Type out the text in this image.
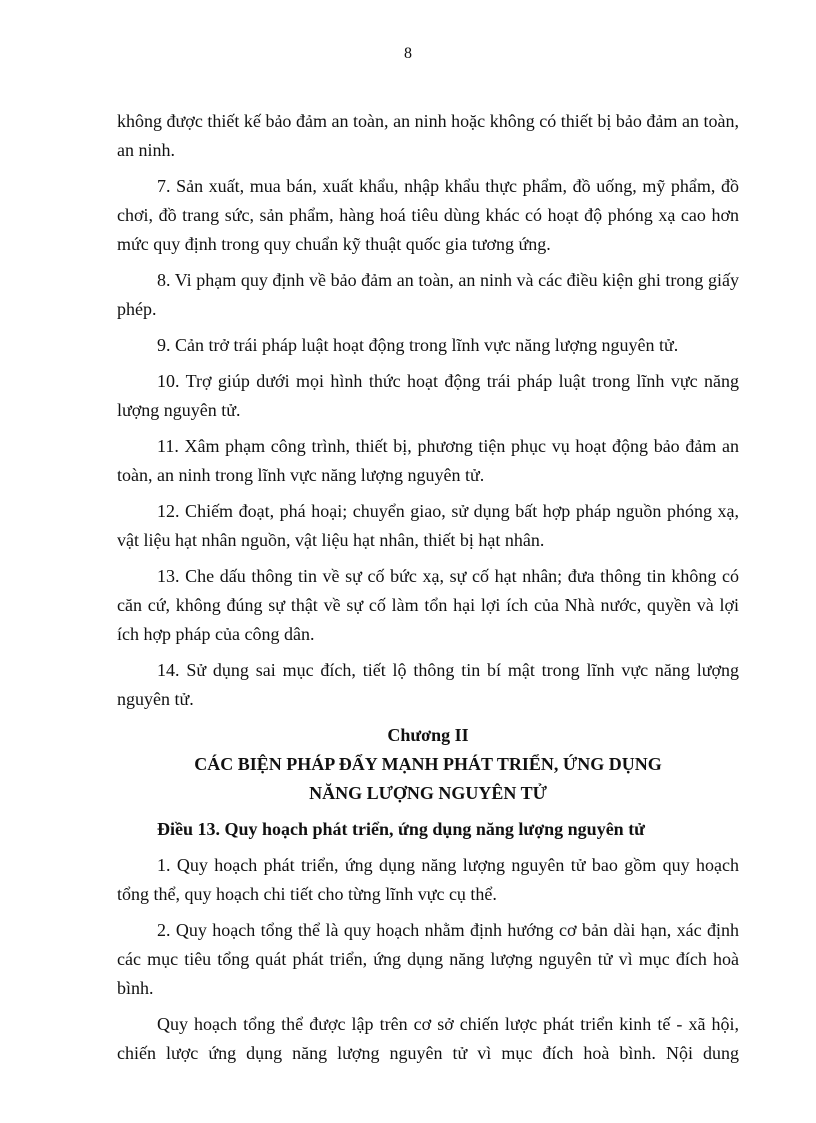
8

không được thiết kế bảo đảm an toàn, an ninh hoặc không có thiết bị bảo đảm an toàn, an ninh.

7. Sản xuất, mua bán, xuất khẩu, nhập khẩu thực phẩm, đồ uống, mỹ phẩm, đồ chơi, đồ trang sức, sản phẩm, hàng hoá tiêu dùng khác có hoạt độ phóng xạ cao hơn mức quy định trong quy chuẩn kỹ thuật quốc gia tương ứng.

8. Vi phạm quy định về bảo đảm an toàn, an ninh và các điều kiện ghi trong giấy phép.

9. Cản trở trái pháp luật hoạt động trong lĩnh vực năng lượng nguyên tử.

10. Trợ giúp dưới mọi hình thức hoạt động trái pháp luật trong lĩnh vực năng lượng nguyên tử.

11. Xâm phạm công trình, thiết bị, phương tiện phục vụ hoạt động bảo đảm an toàn, an ninh trong lĩnh vực năng lượng nguyên tử.

12. Chiếm đoạt, phá hoại; chuyển giao, sử dụng bất hợp pháp nguồn phóng xạ, vật liệu hạt nhân nguồn, vật liệu hạt nhân, thiết bị hạt nhân.

13. Che dấu thông tin về sự cố bức xạ, sự cố hạt nhân; đưa thông tin không có căn cứ, không đúng sự thật về sự cố làm tổn hại lợi ích của Nhà nước, quyền và lợi ích hợp pháp của công dân.

14. Sử dụng sai mục đích, tiết lộ thông tin bí mật trong lĩnh vực năng lượng nguyên tử.

Chương II
CÁC BIỆN PHÁP ĐẨY MẠNH PHÁT TRIỂN, ỨNG DỤNG
NĂNG LƯỢNG NGUYÊN TỬ
Điều 13. Quy hoạch phát triển, ứng dụng năng lượng nguyên tử

1. Quy hoạch phát triển, ứng dụng năng lượng nguyên tử bao gồm quy hoạch tổng thể, quy hoạch chi tiết cho từng lĩnh vực cụ thể.

2. Quy hoạch tổng thể là quy hoạch nhằm định hướng cơ bản dài hạn, xác định các mục tiêu tổng quát phát triển, ứng dụng năng lượng nguyên tử vì mục đích hoà bình.

Quy hoạch tổng thể được lập trên cơ sở chiến lược phát triển kinh tế - xã hội, chiến lược ứng dụng năng lượng nguyên tử vì mục đích hoà bình. Nội dung
